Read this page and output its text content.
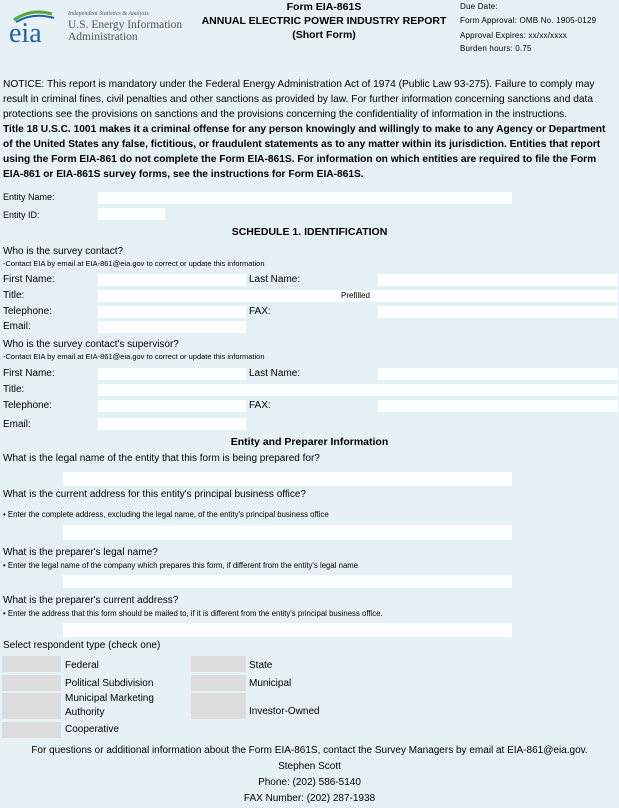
eia
Independent Statistics & Analysis
U.S. Energy Information
Administration
Form EIA-861S
ANNUAL ELECTRIC POWER INDUSTRY REPORT
(Short Form)
Due Date:
Form Approval: OMB No. 1905-0129
Approval Expires: xx/xx/xxxx
Burden hours: 0.75

NOTICE: This report is mandatory under the Federal Energy Administration Act of 1974 (Public Law 93-275). Failure to comply may result in criminal fines, civil penalties and other sanctions as provided by law. For further information concerning sanctions and data protections see the provisions on sanctions and the provisions concerning the confidentiality of information in the instructions.

Title 18 U.S.C. 1001 makes it a criminal offense for any person knowingly and willingly to make to any Agency or Department of the United States any false, fictitious, or fraudulent statements as to any matter within its jurisdiction. Entities that report using the Form EIA-861 do not complete the Form EIA-861S. For information on which entities are required to file the Form EIA-861 or EIA-861S survey forms, see the instructions for Form EIA-861S.

Entity Name:
Entity ID:
SCHEDULE 1. IDENTIFICATION
Who is the survey contact?
-Contact EIA by email at EIA-861@eia.gov to correct or update this information
First Name:	Last Name:
Title:	Prefilled
Telephone:	FAX:
Email:
Who is the survey contact's supervisor?
-Contact EIA by email at EIA-861@eia.gov to correct or update this information
First Name:	Last Name:
Title:
Telephone:	FAX:
Email:
Entity and Preparer Information
What is the legal name of the entity that this form is being prepared for?
What is the current address for this entity's principal business office?
• Enter the complete address, excluding the legal name, of the entity's principal business office
What is the preparer's legal name?
• Enter the legal name of the company which prepares this form, if different from the entity's legal name
What is the preparer's current address?
• Enter the address that this form should be mailed to, if it is different from the entity's principal business office.
Select respondent type (check one)
Federal	State
Political Subdivision	Municipal
Municipal Marketing
Authority	Investor-Owned
Cooperative
For questions or additional information about the Form EIA-861S, contact the Survey Managers by email at EIA-861@eia.gov.
Stephen Scott
Phone: (202) 586-5140
FAX Number: (202) 287-1938
